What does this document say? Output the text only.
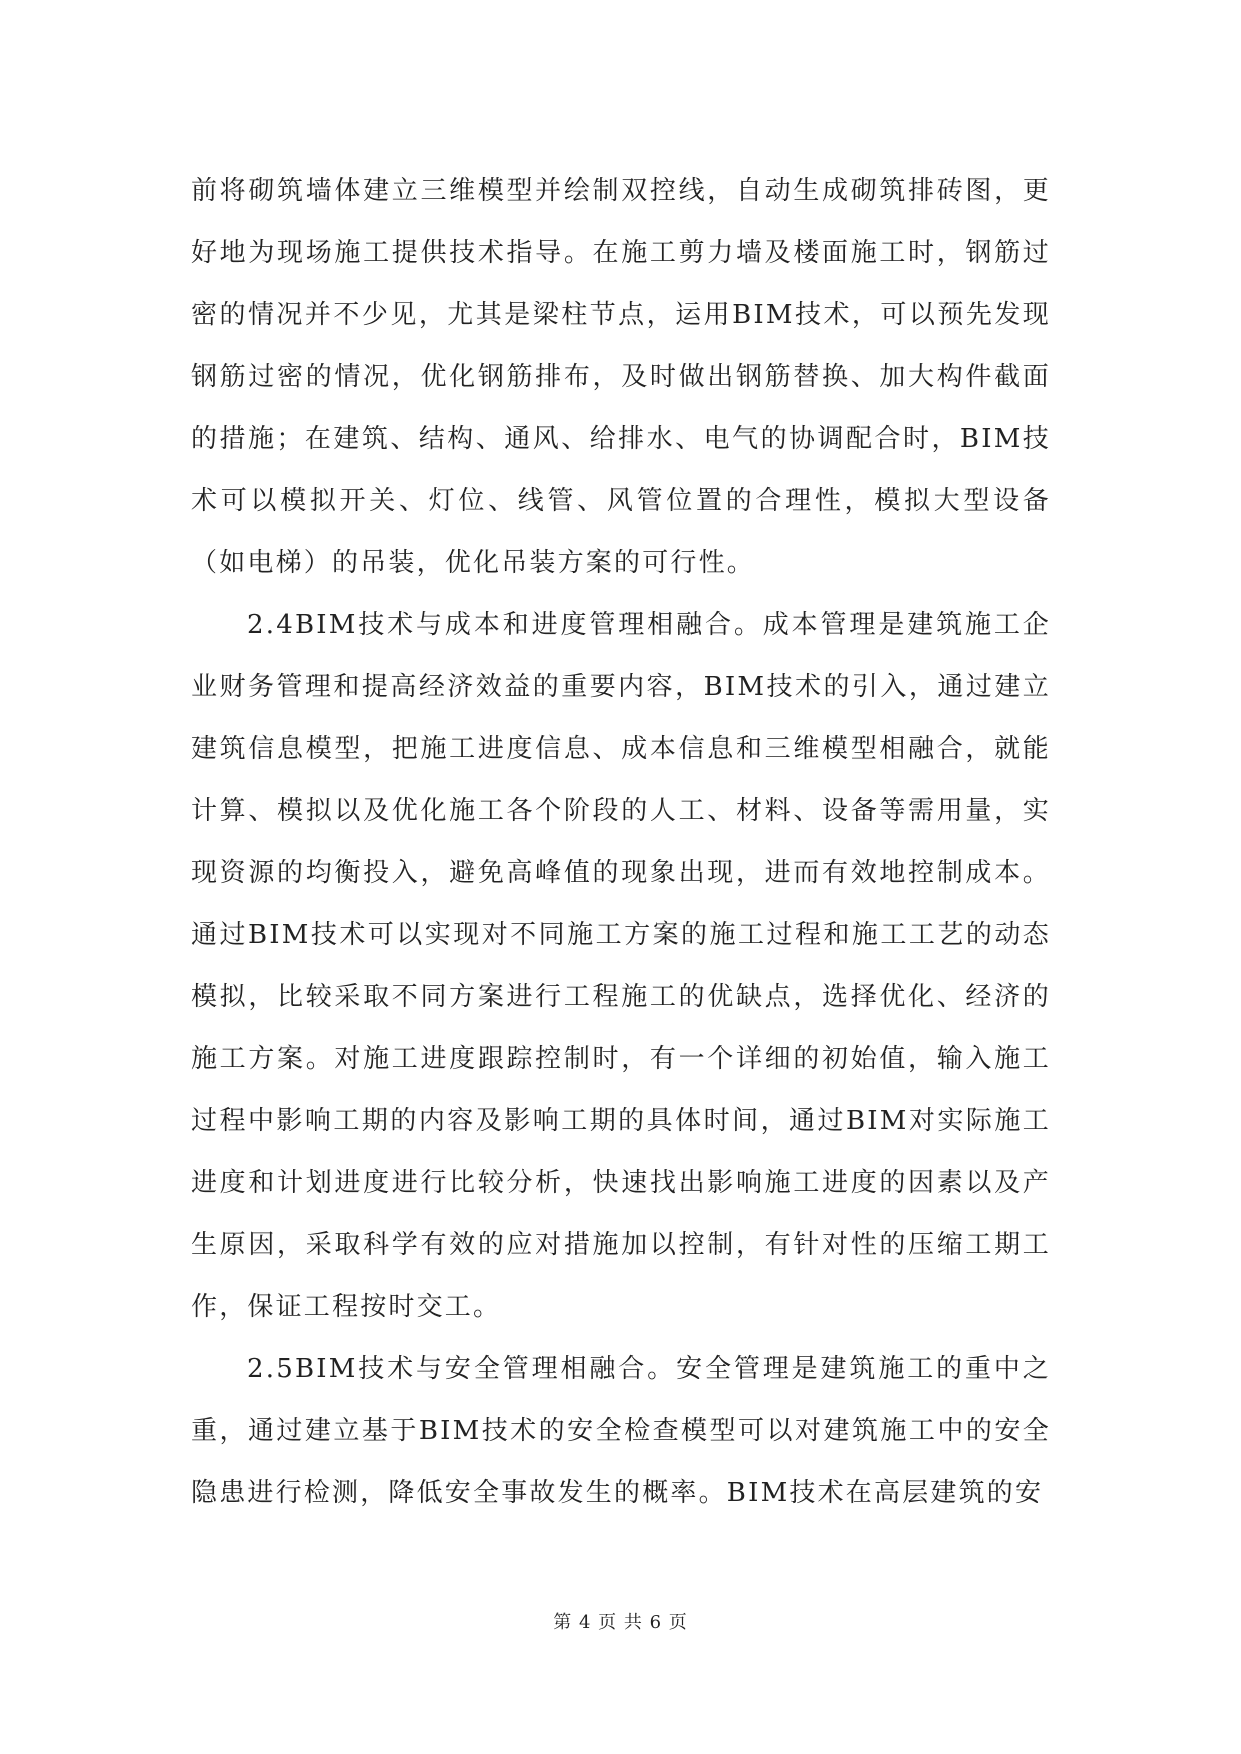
前将砌筑墙体建立三维模型并绘制双控线，自动生成砌筑排砖图，更好地为现场施工提供技术指导。在施工剪力墙及楼面施工时，钢筋过密的情况并不少见，尤其是梁柱节点，运用BIM技术，可以预先发现钢筋过密的情况，优化钢筋排布，及时做出钢筋替换、加大构件截面的措施；在建筑、结构、通风、给排水、电气的协调配合时，BIM技术可以模拟开关、灯位、线管、风管位置的合理性，模拟大型设备（如电梯）的吊装，优化吊装方案的可行性。

2.4BIM技术与成本和进度管理相融合。成本管理是建筑施工企业财务管理和提高经济效益的重要内容，BIM技术的引入，通过建立建筑信息模型，把施工进度信息、成本信息和三维模型相融合，就能计算、模拟以及优化施工各个阶段的人工、材料、设备等需用量，实现资源的均衡投入，避免高峰值的现象出现，进而有效地控制成本。通过BIM技术可以实现对不同施工方案的施工过程和施工工艺的动态模拟，比较采取不同方案进行工程施工的优缺点，选择优化、经济的施工方案。对施工进度跟踪控制时，有一个详细的初始值，输入施工过程中影响工期的内容及影响工期的具体时间，通过BIM对实际施工进度和计划进度进行比较分析，快速找出影响施工进度的因素以及产生原因，采取科学有效的应对措施加以控制，有针对性的压缩工期工作，保证工程按时交工。

2.5BIM技术与安全管理相融合。安全管理是建筑施工的重中之重，通过建立基于BIM技术的安全检查模型可以对建筑施工中的安全隐患进行检测，降低安全事故发生的概率。BIM技术在高层建筑的安

第 4 页 共 6 页
